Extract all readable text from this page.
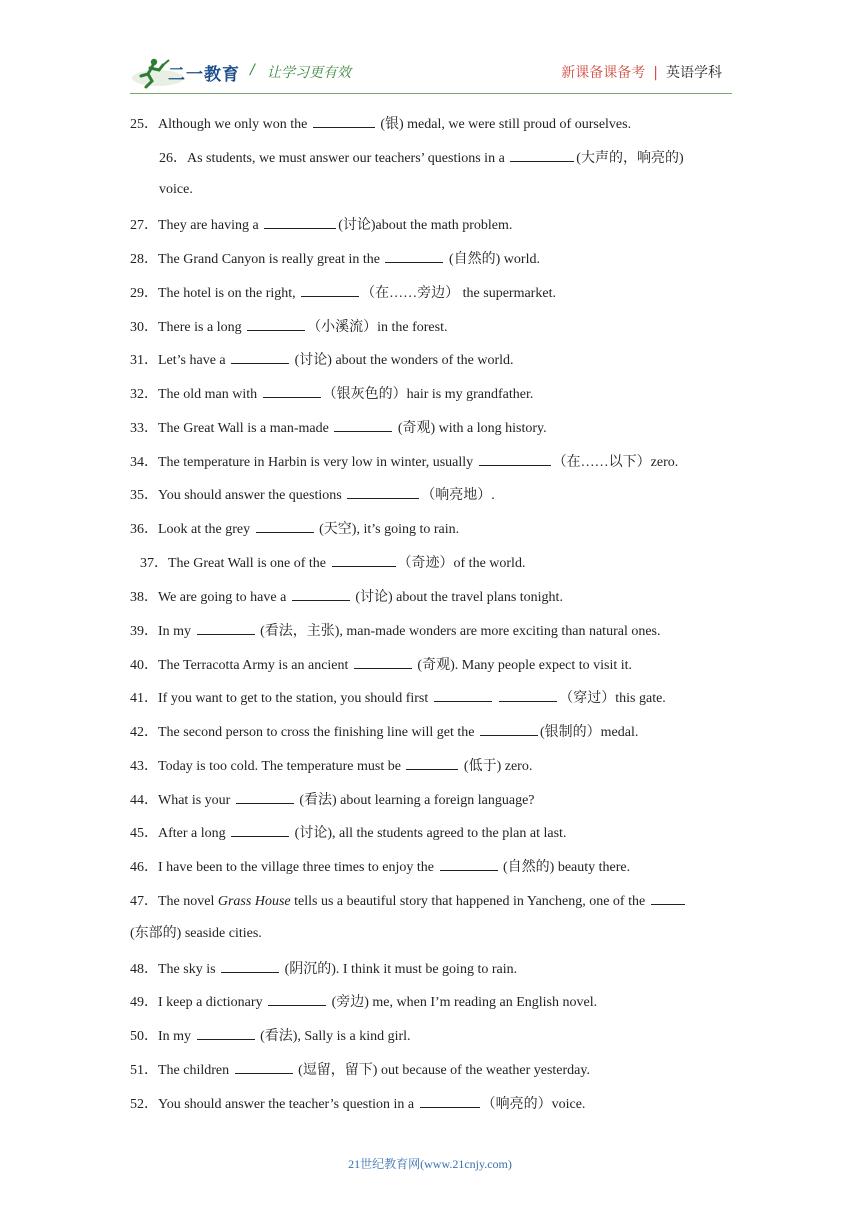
二一教育 / 让学习更有效	新课备课备考 | 英语学科
25．Although we only won the	(银) medal, we were still proud of ourselves.
26．As students, we must answer our teachers’ questions in a	(大声的，响亮的)
voice.
27．They are having a	(讨论)about the math problem.
28．The Grand Canyon is really great in the	(自然的) world.
29．The hotel is on the right,	（在……旁边） the supermarket.
30．There is a long	（小溪流）in the forest.
31．Let’s have a	(讨论) about the wonders of the world.
32．The old man with	（银灰色的）hair is my grandfather.
33．The Great Wall is a man-made	(奇观) with a long history.
34．The temperature in Harbin is very low in winter, usually	（在……以下）zero.
35．You should answer the questions	（响亮地）.
36．Look at the grey	(天空), it’s going to rain.
37．The Great Wall is one of the	（奇迹）of the world.
38．We are going to have a	(讨论) about the travel plans tonight.
39．In my	(看法，主张), man-made wonders are more exciting than natural ones.
40．The Terracotta Army is an ancient	(奇观). Many people expect to visit it.
41．If you want to get to the station, you should first	（穿过）this gate.
42．The second person to cross the finishing line will get the	(银制的）medal.
43．Today is too cold. The temperature must be	(低于) zero.
44．What is your	(看法) about learning a foreign language?
45．After a long	(讨论), all the students agreed to the plan at last.
46．I have been to the village three times to enjoy the	(自然的) beauty there.
47．The novel Grass House tells us a beautiful story that happened in Yancheng, one of the
(东部的) seaside cities.
48．The sky is	(阴沉的). I think it must be going to rain.
49．I keep a dictionary	(旁边) me, when I’m reading an English novel.
50．In my	(看法), Sally is a kind girl.
51．The children	(逗留，留下) out because of the weather yesterday.
52．You should answer the teacher’s question in a	（响亮的）voice.
21世纪教育网(www.21cnjy.com)
